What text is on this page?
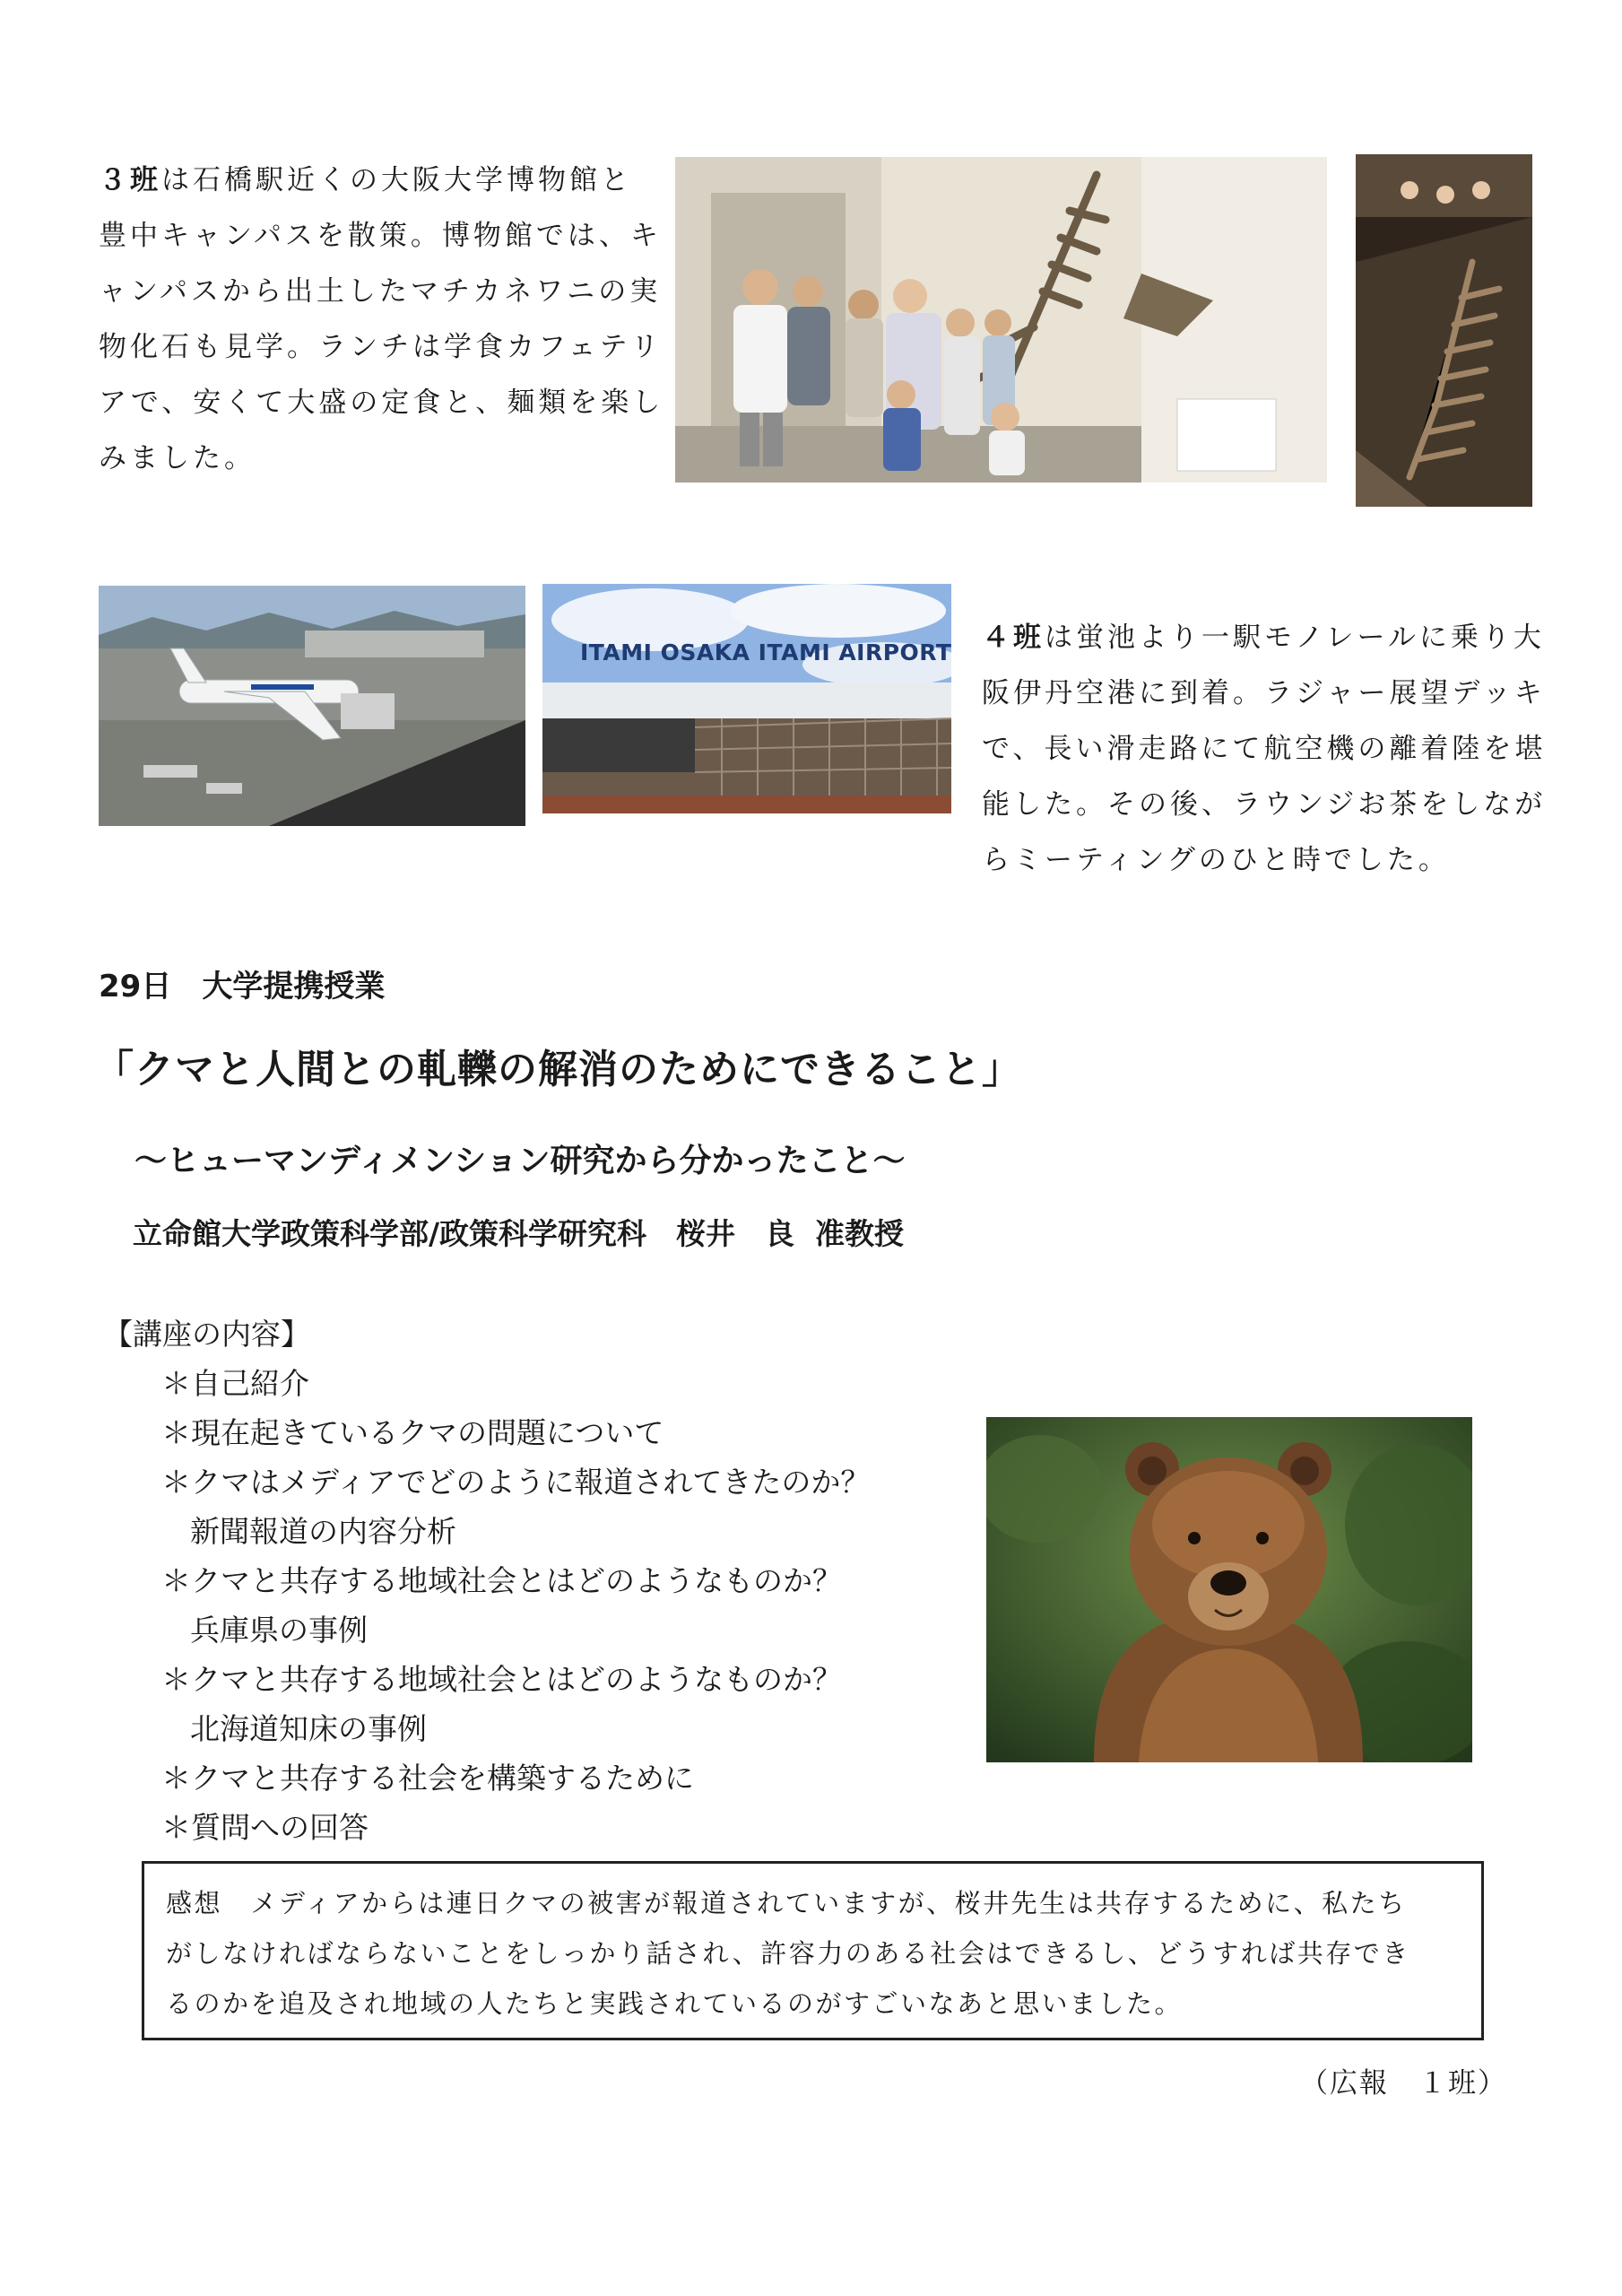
３班は石橋駅近くの大阪大学博物館と
豊中キャンパスを散策。博物館では、キ
ャンパスから出土したマチカネワニの実
物化石も見学。ランチは学食カフェテリ
アで、安くて大盛の定食と、麺類を楽し
みました。
ITAMI OSAKA ITAMI AIRPORT ４班は蛍池より一駅モノレールに乗り大
阪伊丹空港に到着。ラジャー展望デッキ
で、長い滑走路にて航空機の離着陸を堪
能した。その後、ラウンジお茶をしなが
らミーティングのひと時でした。
29日　大学提携授業
「クマと人間との軋轢の解消のためにできること」
～ヒューマンディメンション研究から分かったこと～
立命館大学政策科学部/政策科学研究科　桜井　良  准教授
【講座の内容】
＊自己紹介
＊現在起きているクマの問題について
＊クマはメディアでどのように報道されてきたのか？
新聞報道の内容分析
＊クマと共存する地域社会とはどのようなものか？
兵庫県の事例
＊クマと共存する地域社会とはどのようなものか？
北海道知床の事例
＊クマと共存する社会を構築するために
＊質問への回答
感想　メディアからは連日クマの被害が報道されていますが、桜井先生は共存するために、私たち
がしなければならないことをしっかり話され、許容力のある社会はできるし、どうすれば共存でき
るのかを追及され地域の人たちと実践されているのがすごいなあと思いました。
（広報　１班）
